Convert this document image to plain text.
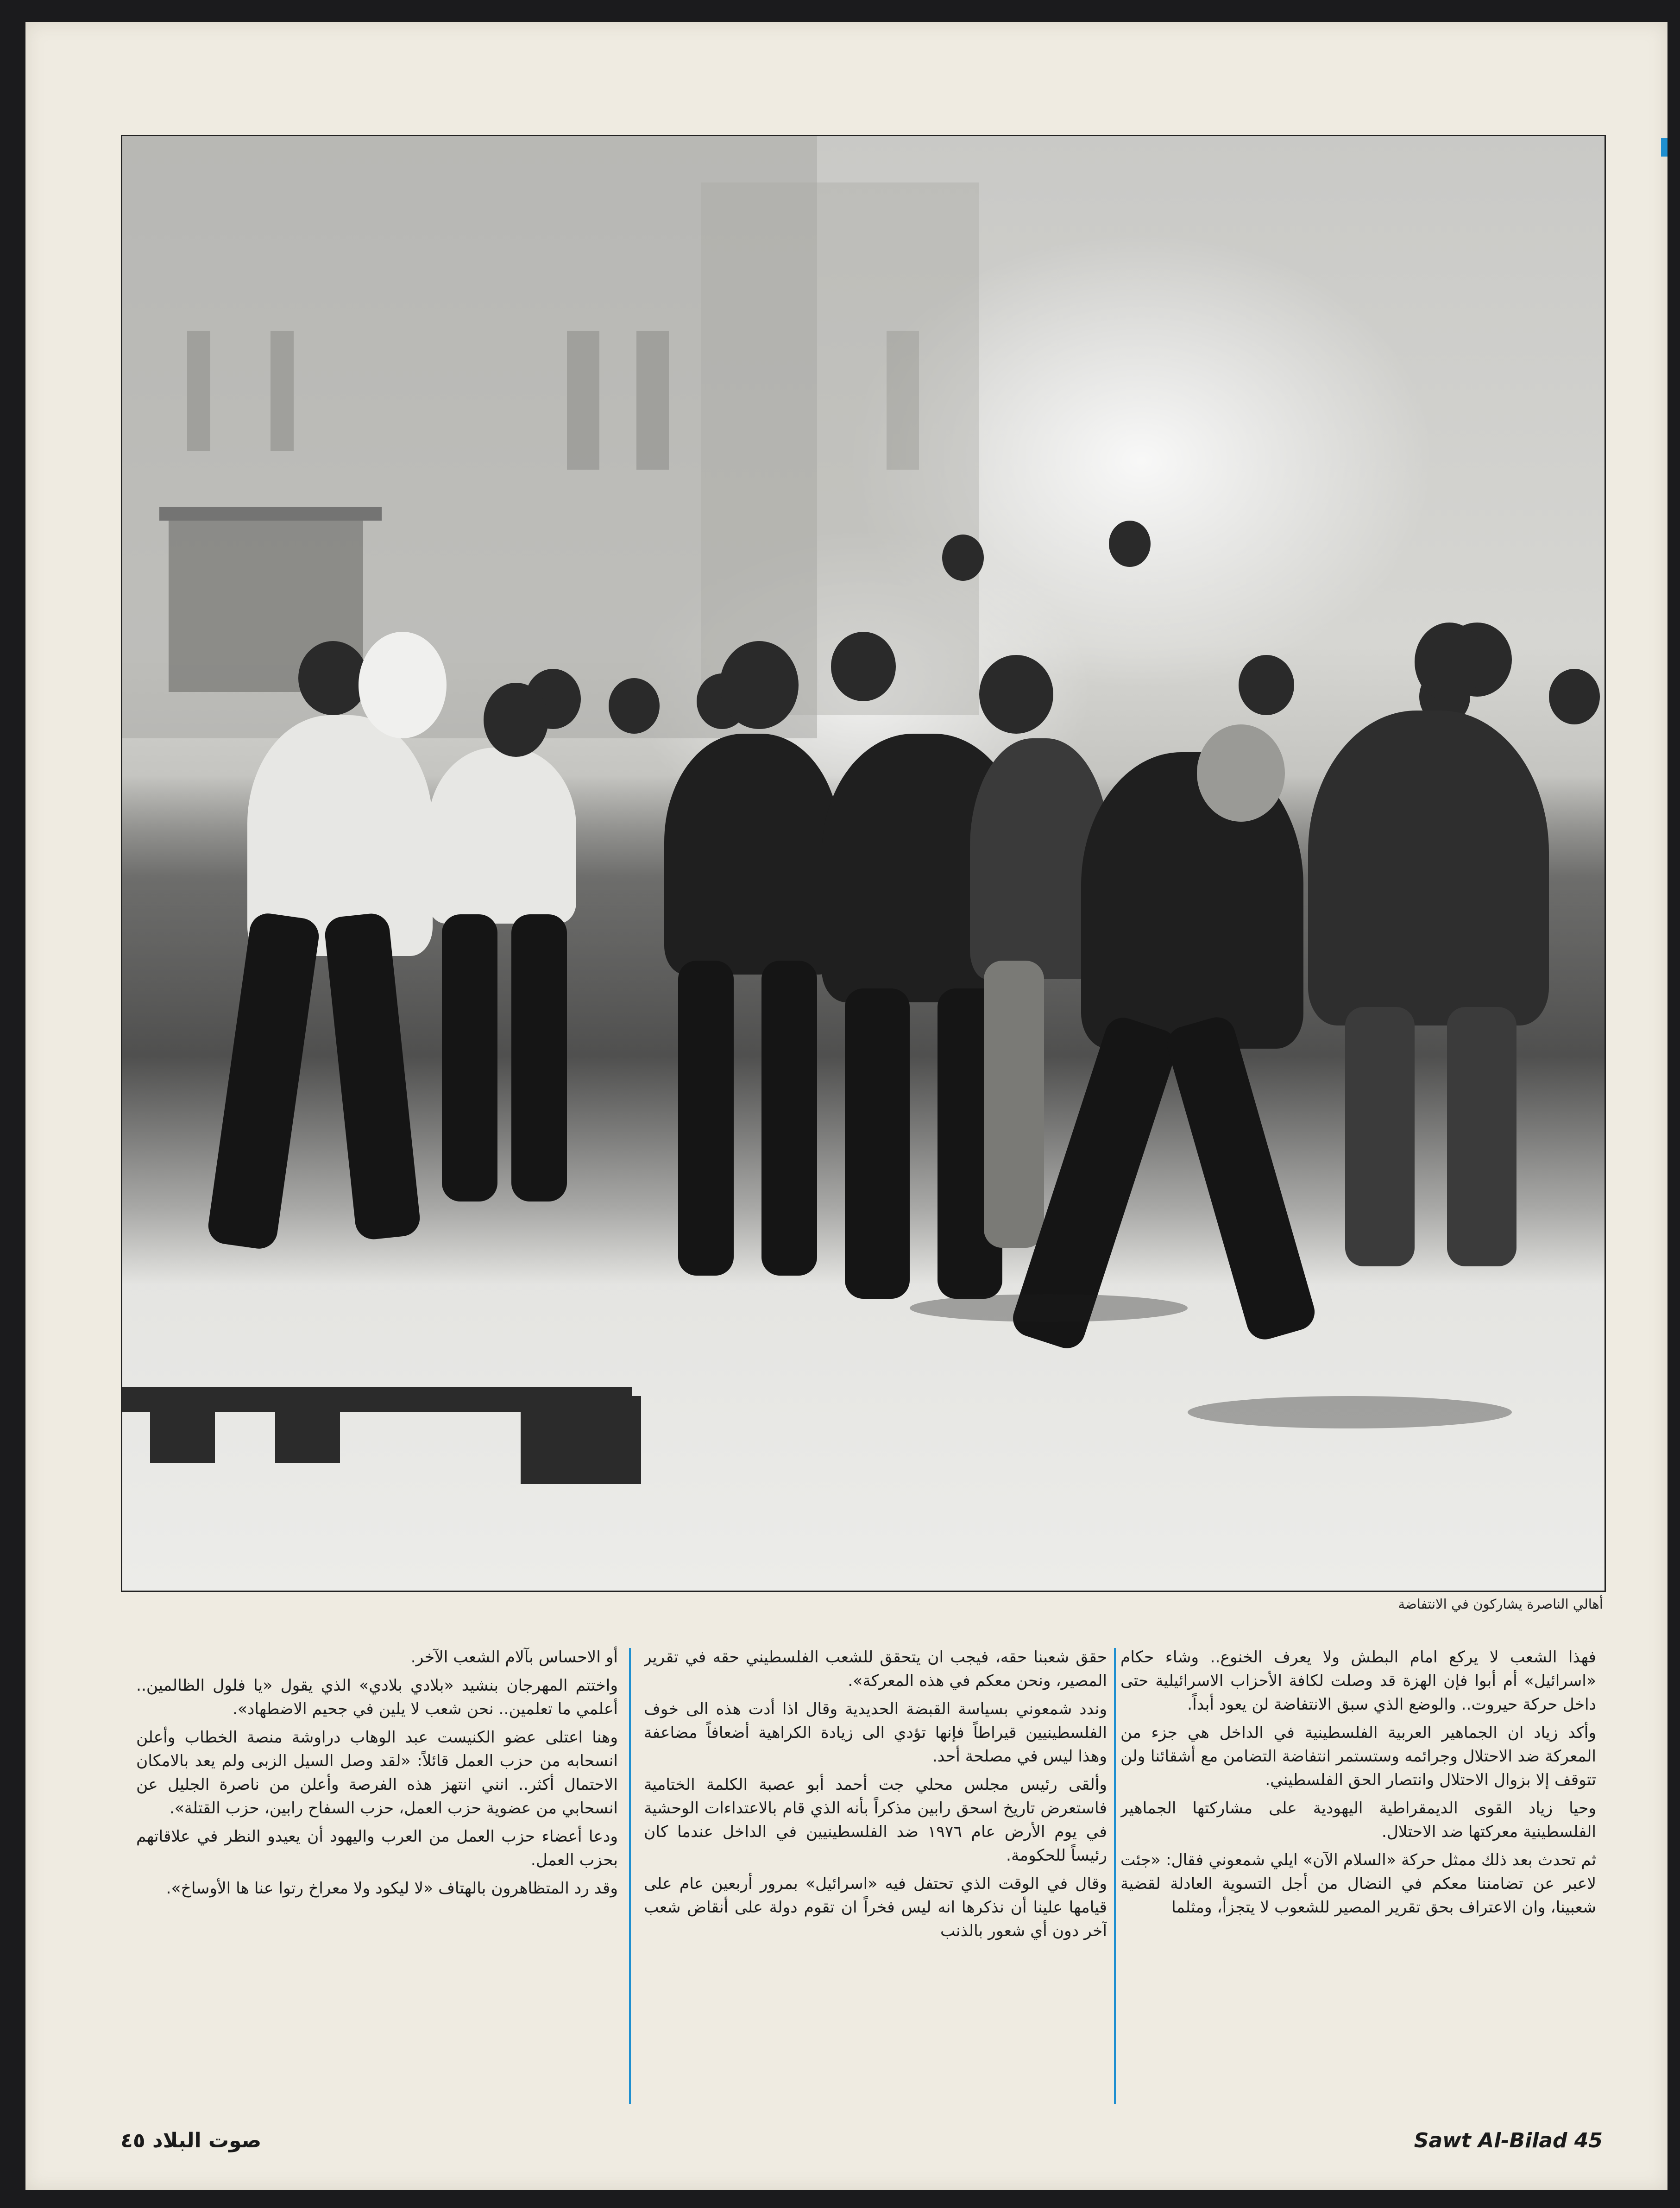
أهالي الناصرة يشاركون في الانتفاضة

فهذا الشعب لا يركع امام البطش ولا يعرف الخنوع.. وشاء حكام «اسرائيل» أم أبوا فإن الهزة قد وصلت لكافة الأحزاب الاسرائيلية حتى داخل حركة حيروت.. والوضع الذي سبق الانتفاضة لن يعود أبداً.

وأكد زياد ان الجماهير العربية الفلسطينية في الداخل هي جزء من المعركة ضد الاحتلال وجرائمه وستستمر انتفاضة التضامن مع أشقائنا ولن تتوقف إلا بزوال الاحتلال وانتصار الحق الفلسطيني.

وحيا زياد القوى الديمقراطية اليهودية على مشاركتها الجماهير الفلسطينية معركتها ضد الاحتلال.

ثم تحدث بعد ذلك ممثل حركة «السلام الآن» ايلي شمعوني فقال: «جئت لاعبر عن تضامننا معكم في النضال من أجل التسوية العادلة لقضية شعبينا، وان الاعتراف بحق تقرير المصير للشعوب لا يتجزأ، ومثلما

حقق شعبنا حقه، فيجب ان يتحقق للشعب الفلسطيني حقه في تقرير المصير، ونحن معكم في هذه المعركة».

وندد شمعوني بسياسة القبضة الحديدية وقال اذا أدت هذه الى خوف الفلسطينيين قيراطاً فإنها تؤدي الى زيادة الكراهية أضعافاً مضاعفة وهذا ليس في مصلحة أحد.

وألقى رئيس مجلس محلي جت أحمد أبو عصبة الكلمة الختامية فاستعرض تاريخ اسحق رابين مذكراً بأنه الذي قام بالاعتداءات الوحشية في يوم الأرض عام ١٩٧٦ ضد الفلسطينيين في الداخل عندما كان رئيساً للحكومة.

وقال في الوقت الذي تحتفل فيه «اسرائيل» بمرور أربعين عام على قيامها علينا أن نذكرها انه ليس فخراً ان تقوم دولة على أنقاض شعب آخر دون أي شعور بالذنب

أو الاحساس بآلام الشعب الآخر.

واختتم المهرجان بنشيد «بلادي بلادي» الذي يقول «يا فلول الظالمين.. أعلمي ما تعلمين.. نحن شعب لا يلين في جحيم الاضطهاد».

وهنا اعتلى عضو الكنيست عبد الوهاب دراوشة منصة الخطاب وأعلن انسحابه من حزب العمل قائلاً: «لقد وصل السيل الزبى ولم يعد بالامكان الاحتمال أكثر.. انني انتهز هذه الفرصة وأعلن من ناصرة الجليل عن انسحابي من عضوية حزب العمل، حزب السفاح رابين، حزب القتلة».

ودعا أعضاء حزب العمل من العرب واليهود أن يعيدو النظر في علاقاتهم بحزب العمل.

وقد رد المتظاهرون بالهتاف «لا ليكود ولا معراخ رتوا عنا ها الأوساخ».

صوت البلاد ٤٥	Sawt Al-Bilad 45
